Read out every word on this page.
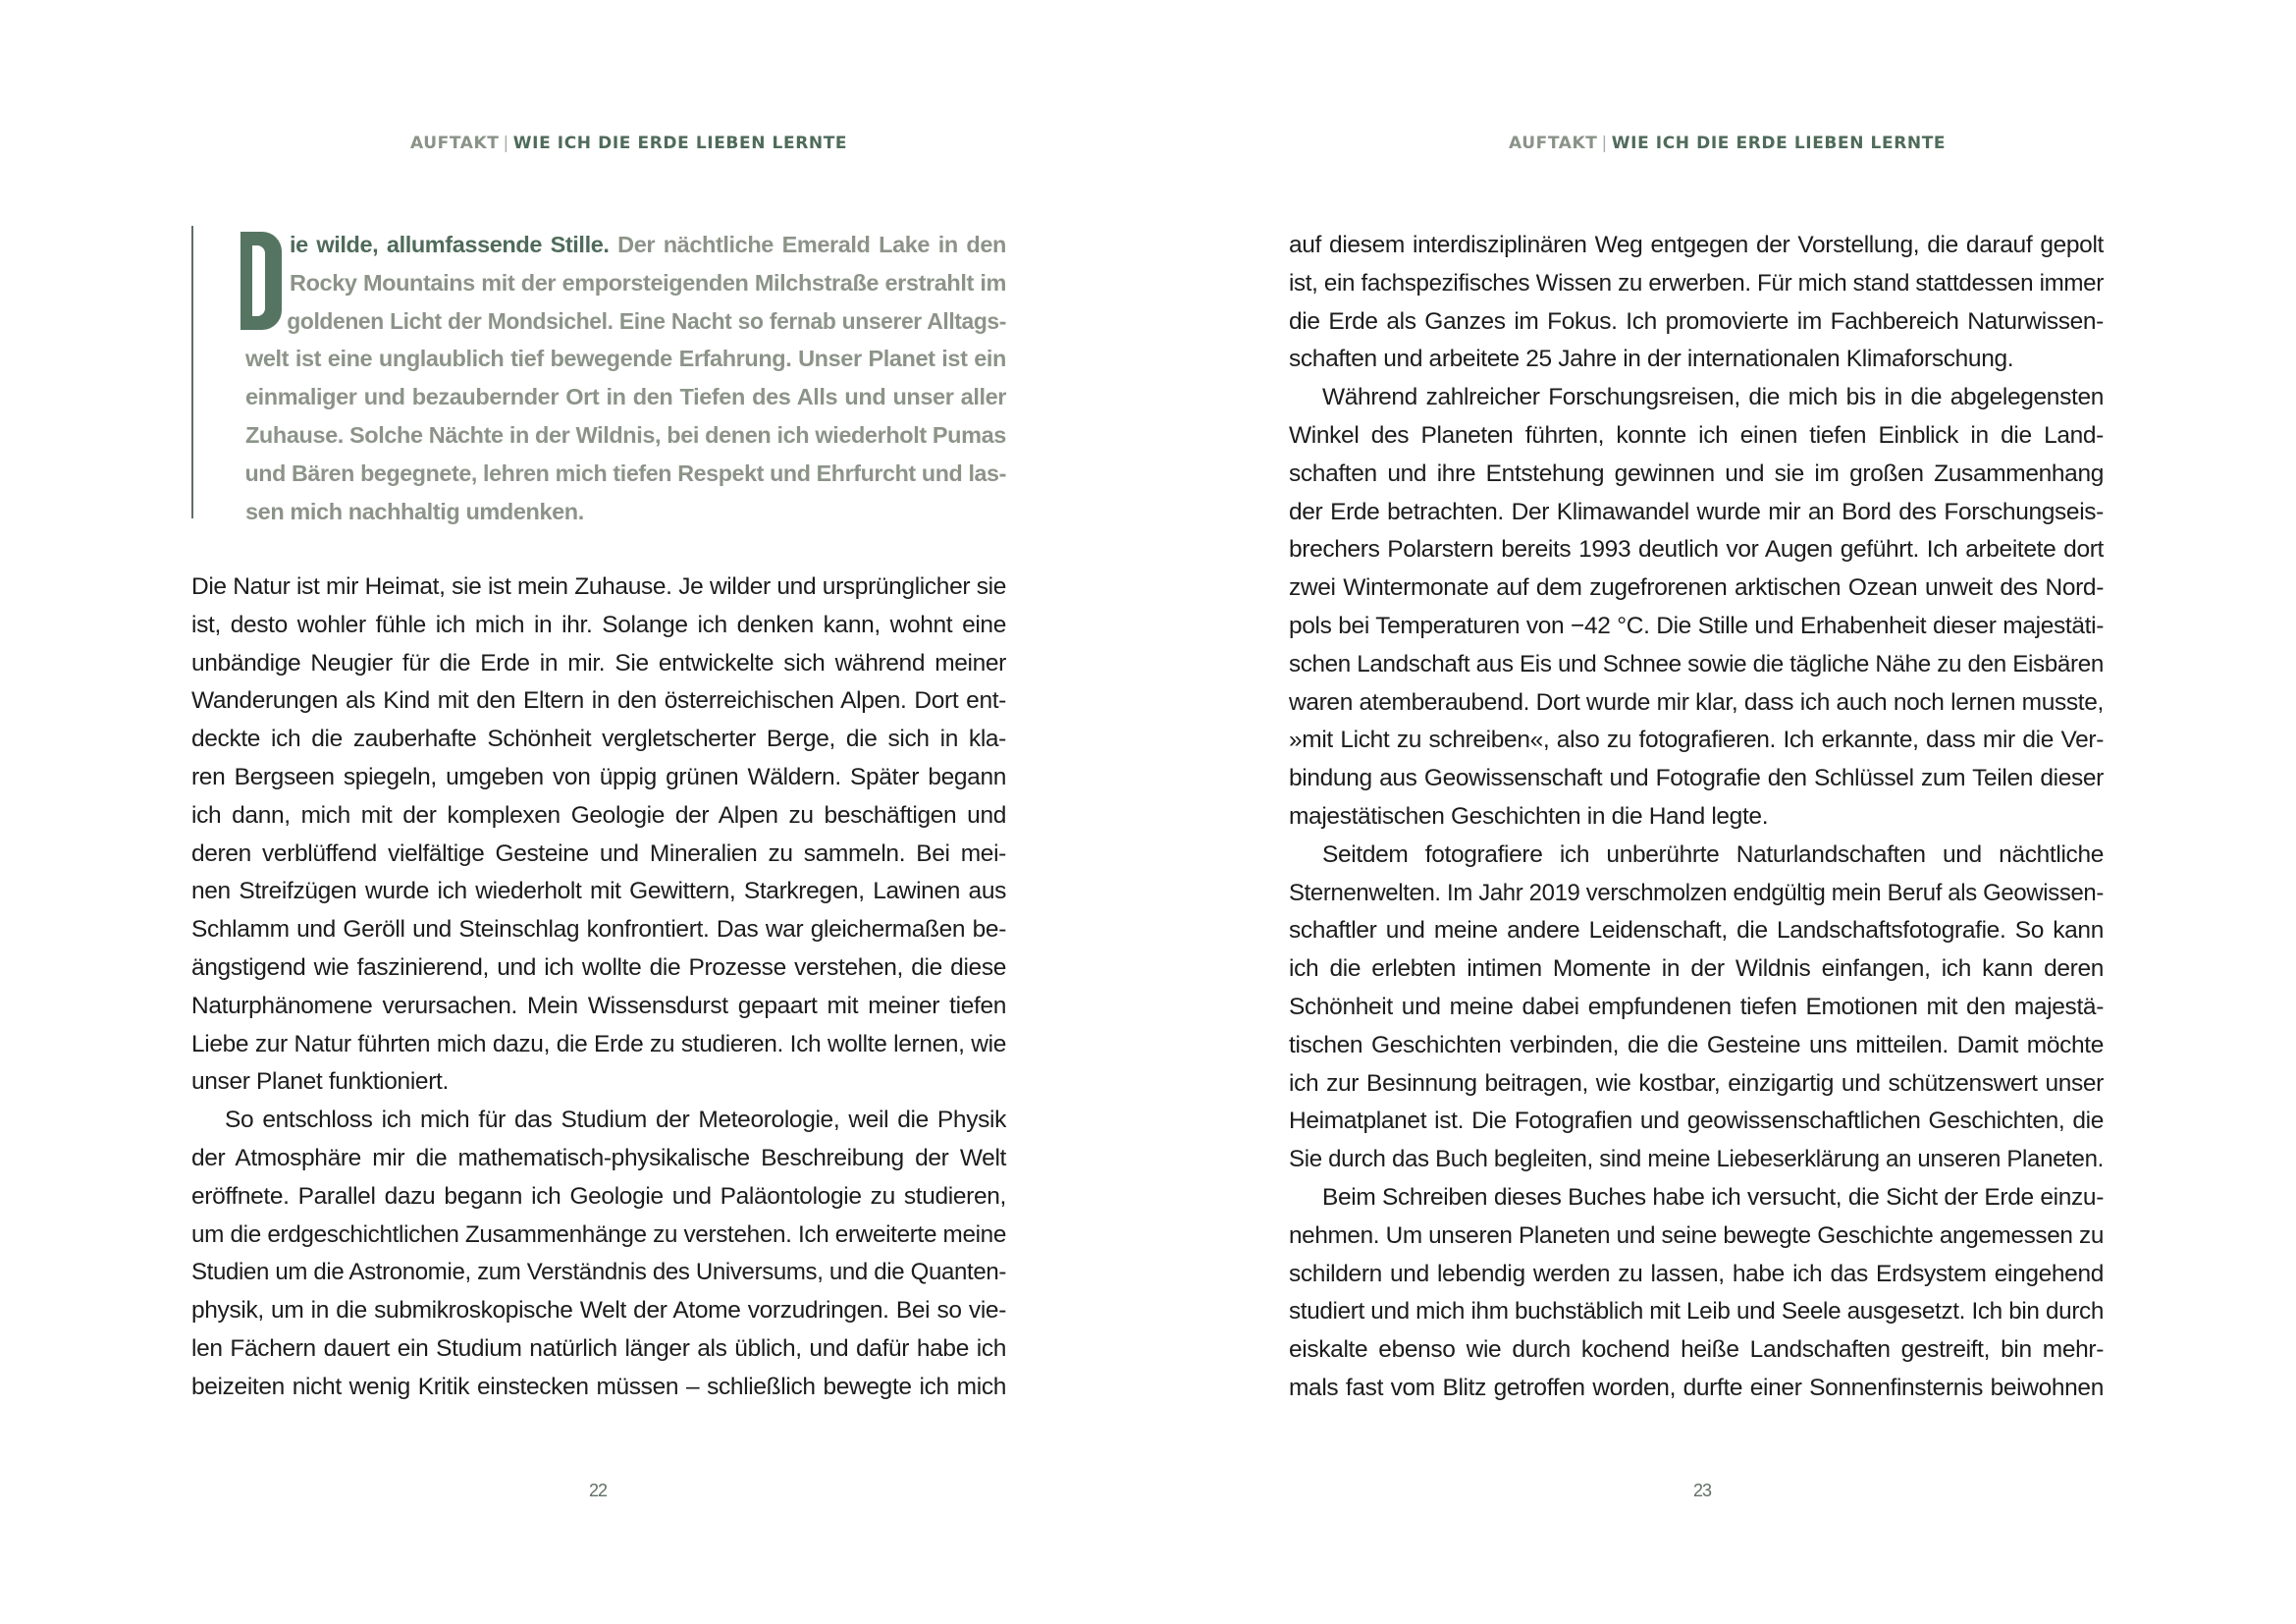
AUFTAKT | WIE ICH DIE ERDE LIEBEN LERNTE
ie wilde, allumfassende Stille. Der nächtliche Emerald Lake in den
Rocky Mountains mit der emporsteigenden Milchstraße erstrahlt im
goldenen Licht der Mondsichel. Eine Nacht so fernab unserer Alltags-
welt ist eine unglaublich tief bewegende Erfahrung. Unser Planet ist ein
einmaliger und bezaubernder Ort in den Tiefen des Alls und unser aller
Zuhause. Solche Nächte in der Wildnis, bei denen ich wiederholt Pumas
und Bären begegnete, lehren mich tiefen Respekt und Ehrfurcht und las-
sen mich nachhaltig umdenken.
Die Natur ist mir Heimat, sie ist mein Zuhause. Je wilder und ursprünglicher sie
ist, desto wohler fühle ich mich in ihr. Solange ich denken kann, wohnt eine
unbändige Neugier für die Erde in mir. Sie entwickelte sich während meiner
Wanderungen als Kind mit den Eltern in den österreichischen Alpen. Dort ent-
deckte ich die zauberhafte Schönheit vergletscherter Berge, die sich in kla-
ren Bergseen spiegeln, umgeben von üppig grünen Wäldern. Später begann
ich dann, mich mit der komplexen Geologie der Alpen zu beschäftigen und
deren verblüffend vielfältige Gesteine und Mineralien zu sammeln. Bei mei-
nen Streifzügen wurde ich wiederholt mit Gewittern, Starkregen, Lawinen aus
Schlamm und Geröll und Steinschlag konfrontiert. Das war gleichermaßen be-
ängstigend wie faszinierend, und ich wollte die Prozesse verstehen, die diese
Naturphänomene verursachen. Mein Wissensdurst gepaart mit meiner tiefen
Liebe zur Natur führten mich dazu, die Erde zu studieren. Ich wollte lernen, wie
unser Planet funktioniert.
So entschloss ich mich für das Studium der Meteorologie, weil die Physik
der Atmosphäre mir die mathematisch-physikalische Beschreibung der Welt
eröffnete. Parallel dazu begann ich Geologie und Paläontologie zu studieren,
um die erdgeschichtlichen Zusammenhänge zu verstehen. Ich erweiterte meine
Studien um die Astronomie, zum Verständnis des Universums, und die Quanten-
physik, um in die submikroskopische Welt der Atome vorzudringen. Bei so vie-
len Fächern dauert ein Studium natürlich länger als üblich, und dafür habe ich
beizeiten nicht wenig Kritik einstecken müssen – schließlich bewegte ich mich
22
AUFTAKT | WIE ICH DIE ERDE LIEBEN LERNTE
auf diesem interdisziplinären Weg entgegen der Vorstellung, die darauf gepolt
ist, ein fachspezifisches Wissen zu erwerben. Für mich stand stattdessen immer
die Erde als Ganzes im Fokus. Ich promovierte im Fachbereich Naturwissen-
schaften und arbeitete 25 Jahre in der internationalen Klimaforschung.
Während zahlreicher Forschungsreisen, die mich bis in die abgelegensten
Winkel des Planeten führten, konnte ich einen tiefen Einblick in die Land-
schaften und ihre Entstehung gewinnen und sie im großen Zusammenhang
der Erde betrachten. Der Klimawandel wurde mir an Bord des Forschungseis-
brechers Polarstern bereits 1993 deutlich vor Augen geführt. Ich arbeitete dort
zwei Wintermonate auf dem zugefrorenen arktischen Ozean unweit des Nord-
pols bei Temperaturen von −42 °C. Die Stille und Erhabenheit dieser majestäti-
schen Landschaft aus Eis und Schnee sowie die tägliche Nähe zu den Eisbären
waren atemberaubend. Dort wurde mir klar, dass ich auch noch lernen musste,
»mit Licht zu schreiben«, also zu fotografieren. Ich erkannte, dass mir die Ver-
bindung aus Geowissenschaft und Fotografie den Schlüssel zum Teilen dieser
majestätischen Geschichten in die Hand legte.
Seitdem fotografiere ich unberührte Naturlandschaften und nächtliche
Sternenwelten. Im Jahr 2019 verschmolzen endgültig mein Beruf als Geowissen-
schaftler und meine andere Leidenschaft, die Landschaftsfotografie. So kann
ich die erlebten intimen Momente in der Wildnis einfangen, ich kann deren
Schönheit und meine dabei empfundenen tiefen Emotionen mit den majestä-
tischen Geschichten verbinden, die die Gesteine uns mitteilen. Damit möchte
ich zur Besinnung beitragen, wie kostbar, einzigartig und schützenswert unser
Heimatplanet ist. Die Fotografien und geowissenschaftlichen Geschichten, die
Sie durch das Buch begleiten, sind meine Liebeserklärung an unseren Planeten.
Beim Schreiben dieses Buches habe ich versucht, die Sicht der Erde einzu-
nehmen. Um unseren Planeten und seine bewegte Geschichte angemessen zu
schildern und lebendig werden zu lassen, habe ich das Erdsystem eingehend
studiert und mich ihm buchstäblich mit Leib und Seele ausgesetzt. Ich bin durch
eiskalte ebenso wie durch kochend heiße Landschaften gestreift, bin mehr-
mals fast vom Blitz getroffen worden, durfte einer Sonnenfinsternis beiwohnen
23
